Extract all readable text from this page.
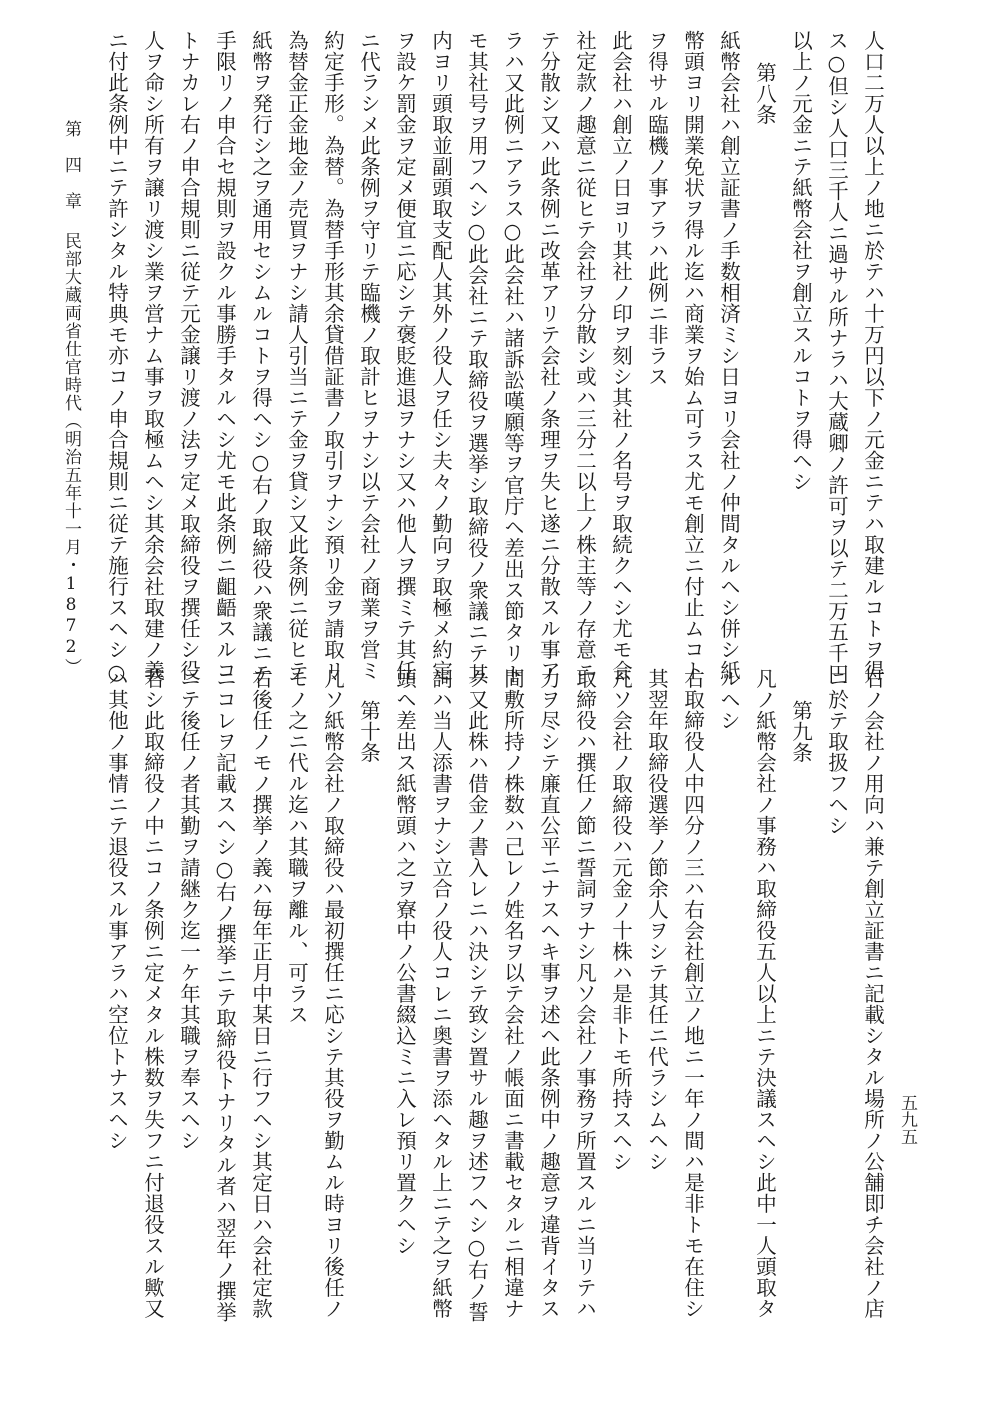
人口二万人以上ノ地ニ於テハ十万円以下ノ元金ニテハ取建ルコトヲ得
ス○但シ人口三千人ニ過サル所ナラハ大蔵卿ノ許可ヲ以テ二万五千円
以上ノ元金ニテ紙幣会社ヲ創立スルコトヲ得ヘシ
第八条
紙幣会社ハ創立証書ノ手数相済ミシ日ヨリ会社ノ仲間タルヘシ併シ紙
幣頭ヨリ開業免状ヲ得ル迄ハ商業ヲ始ム可ラス尤モ創立ニ付止ムコト
ヲ得サル臨機ノ事アラハ此例ニ非ラス
此会社ハ創立ノ日ヨリ其社ノ印ヲ刻シ其社ノ名号ヲ取続クヘシ尤モ会
社定款ノ趣意ニ従ヒテ会社ヲ分散シ或ハ三分二以上ノ株主等ノ存意ニ
テ分散シ又ハ此条例ニ改革アリテ会社ノ条理ヲ失ヒ遂ニ分散スル事ア
ラハ又此例ニアラス○此会社ハ諸訴訟嘆願等ヲ官庁ヘ差出ス節タリト
モ其社号ヲ用フヘシ○此会社ニテ取締役ヲ選挙シ取締役ノ衆議ニテ其
内ヨリ頭取並副頭取支配人其外ノ役人ヲ任シ夫々ノ勤向ヲ取極メ約定
ヲ設ケ罰金ヲ定メ便宜ニ応シテ褒貶進退ヲナシ又ハ他人ヲ撰ミテ其任
ニ代ラシメ此条例ヲ守リテ臨機ノ取計ヒヲナシ以テ会社ノ商業ヲ営ミ
約定手形。為替。為替手形其余貸借証書ノ取引ヲナシ預リ金ヲ請取リ
為替金正金地金ノ売買ヲナシ請人引当ニテ金ヲ貸シ又此条例ニ従ヒテ
紙幣ヲ発行シ之ヲ通用セシムルコトヲ得ヘシ○右ノ取締役ハ衆議ニテ
手限リノ申合セ規則ヲ設クル事勝手タルヘシ尤モ此条例ニ齟齬スルコ
トナカレ右ノ申合規則ニ従テ元金譲リ渡ノ法ヲ定メ取締役ヲ撰任シ役
人ヲ命シ所有ヲ譲リ渡シ業ヲ営ナム事ヲ取極ムヘシ其余会社取建ノ義
ニ付此条例中ニテ許シタル特典モ亦コノ申合規則ニ従テ施行スヘシ○
右ノ会社ノ用向ハ兼テ創立証書ニ記載シタル場所ノ公舗即チ会社ノ店
ニ於テ取扱フヘシ
第九条
凡ノ紙幣会社ノ事務ハ取締役五人以上ニテ決議スヘシ此中一人頭取タ
ルヘシ
右取締役人中四分ノ三ハ右会社創立ノ地ニ一年ノ間ハ是非トモ在住シ
其翌年取締役選挙ノ節余人ヲシテ其任ニ代ラシムヘシ
凡ソ会社ノ取締役ハ元金ノ十株ハ是非トモ所持スヘシ
取締役ハ撰任ノ節ニ誓詞ヲナシ凡ソ会社ノ事務ヲ所置スルニ当リテハ
力ヲ尽シテ廉直公平ニナスヘキ事ヲ述ヘ此条例中ノ趣意ヲ違背イタス
間敷所持ノ株数ハ己レノ姓名ヲ以テ会社ノ帳面ニ書載セタルニ相違ナ
ク又此株ハ借金ノ書入レニハ決シテ致シ置サル趣ヲ述フヘシ○右ノ誓
詞ハ当人添書ヲナシ立合ノ役人コレニ奥書ヲ添ヘタル上ニテ之ヲ紙幣
頭ヘ差出ス紙幣頭ハ之ヲ寮中ノ公書綴込ミニ入レ預リ置クヘシ
第十条
凡ソ紙幣会社ノ取締役ハ最初撰任ニ応シテ其役ヲ勤ムル時ヨリ後任ノ
モノ之ニ代ル迄ハ其職ヲ離ル、可ラス
右後任ノモノ撰挙ノ義ハ毎年正月中某日ニ行フヘシ其定日ハ会社定款
ニコレヲ記載スヘシ○右ノ撰挙ニテ取締役トナリタル者ハ翌年ノ撰挙
ニテ後任ノ者其勤ヲ請継ク迄一ケ年其職ヲ奉スヘシ
若シ此取締役ノ中ニコノ条例ニ定メタル株数ヲ失フニ付退役スル歟又
ハ其他ノ事情ニテ退役スル事アラハ空位トナスヘシ
第　四　章
民部大蔵両省仕官時代
（明治五年十一月・1872）
五九五
